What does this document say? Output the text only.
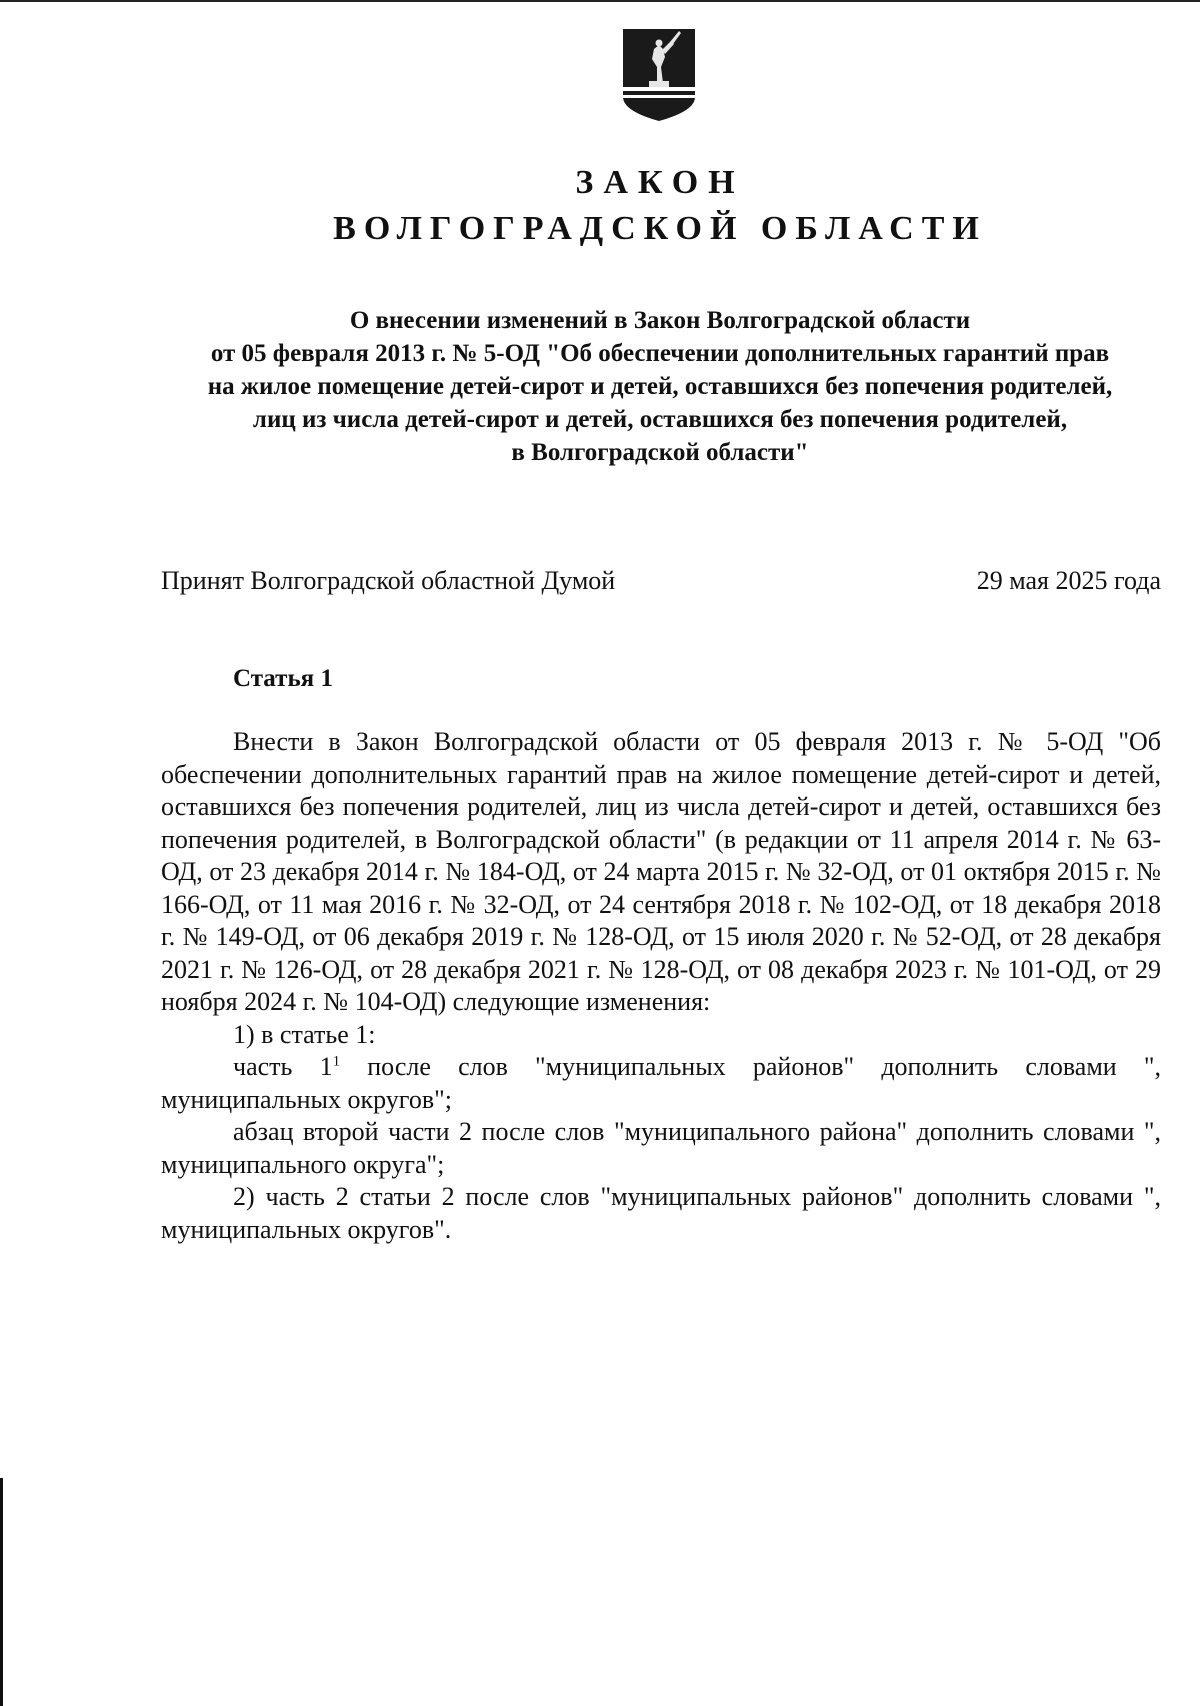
ЗАКОН
ВОЛГОГРАДСКОЙ ОБЛАСТИ
О внесении изменений в Закон Волгоградской области
от 05 февраля 2013 г. № 5-ОД "Об обеспечении дополнительных гарантий прав
на жилое помещение детей-сирот и детей, оставшихся без попечения родителей,
лиц из числа детей-сирот и детей, оставшихся без попечения родителей,
в Волгоградской области"
Принят Волгоградской областной Думой	29 мая 2025 года
Статья 1

Внести в Закон Волгоградской области от 05 февраля 2013 г. № 5-ОД "Об обеспечении дополнительных гарантий прав на жилое помещение детей-сирот и детей, оставшихся без попечения родителей, лиц из числа детей-сирот и детей, оставшихся без попечения родителей, в Волгоградской области" (в редакции от 11 апреля 2014 г. № 63-ОД, от 23 декабря 2014 г. № 184-ОД, от 24 марта 2015 г. № 32-ОД, от 01 октября 2015 г. № 166-ОД, от 11 мая 2016 г. № 32-ОД, от 24 сентября 2018 г. № 102-ОД, от 18 декабря 2018 г. № 149-ОД, от 06 декабря 2019 г. № 128-ОД, от 15 июля 2020 г. № 52-ОД, от 28 декабря 2021 г. № 126-ОД, от 28 декабря 2021 г. № 128-ОД, от 08 декабря 2023 г. № 101-ОД, от 29 ноября 2024 г. № 104-ОД) следующие изменения:

1) в статье 1:

часть $1^1$ после слов "муниципальных районов" дополнить словами ", муниципальных округов";

абзац второй части 2 после слов "муниципального района" дополнить словами ", муниципального округа";

2) часть 2 статьи 2 после слов "муниципальных районов" дополнить словами ", муниципальных округов".
